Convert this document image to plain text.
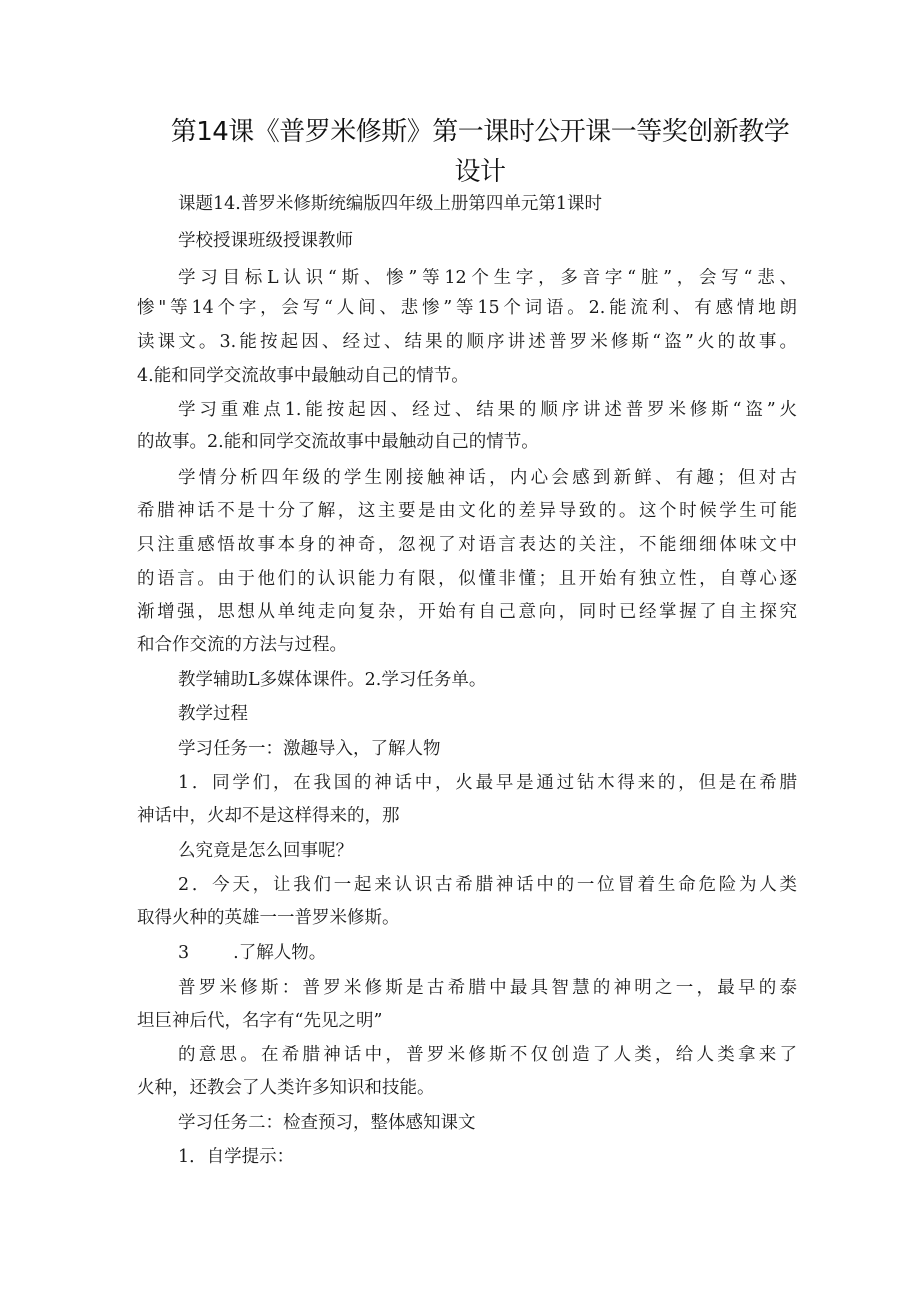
第14课《普罗米修斯》第一课时公开课一等奖创新教学
设计
课题14.普罗米修斯统编版四年级上册第四单元第1课时
学校授课班级授课教师
学习目标L认识“斯、惨”等12个生字，多音字“脏”，会写“悲、
惨"等14个字，会写“人间、悲惨”等15个词语。2.能流利、有感情地朗
读课文。3.能按起因、经过、结果的顺序讲述普罗米修斯“盗”火的故事。
4.能和同学交流故事中最触动自己的情节。
学习重难点1.能按起因、经过、结果的顺序讲述普罗米修斯“盗”火
的故事。2.能和同学交流故事中最触动自己的情节。
学情分析四年级的学生刚接触神话，内心会感到新鲜、有趣；但对古
希腊神话不是十分了解，这主要是由文化的差异导致的。这个时候学生可能
只注重感悟故事本身的神奇，忽视了对语言表达的关注，不能细细体味文中
的语言。由于他们的认识能力有限，似懂非懂；且开始有独立性，自尊心逐
渐增强，思想从单纯走向复杂，开始有自己意向，同时已经掌握了自主探究
和合作交流的方法与过程。
教学辅助L多媒体课件。2.学习任务单。
教学过程
学习任务一：激趣导入，了解人物
1．同学们，在我国的神话中，火最早是通过钻木得来的，但是在希腊
神话中，火却不是这样得来的，那
么究竟是怎么回事呢？
2．今天，让我们一起来认识古希腊神话中的一位冒着生命危险为人类
取得火种的英雄一一普罗米修斯。
3	.了解人物。
普罗米修斯：普罗米修斯是古希腊中最具智慧的神明之一，最早的泰
坦巨神后代，名字有“先见之明”
的意思。在希腊神话中，普罗米修斯不仅创造了人类，给人类拿来了
火种，还教会了人类许多知识和技能。
学习任务二：检查预习，整体感知课文
1．自学提示：
